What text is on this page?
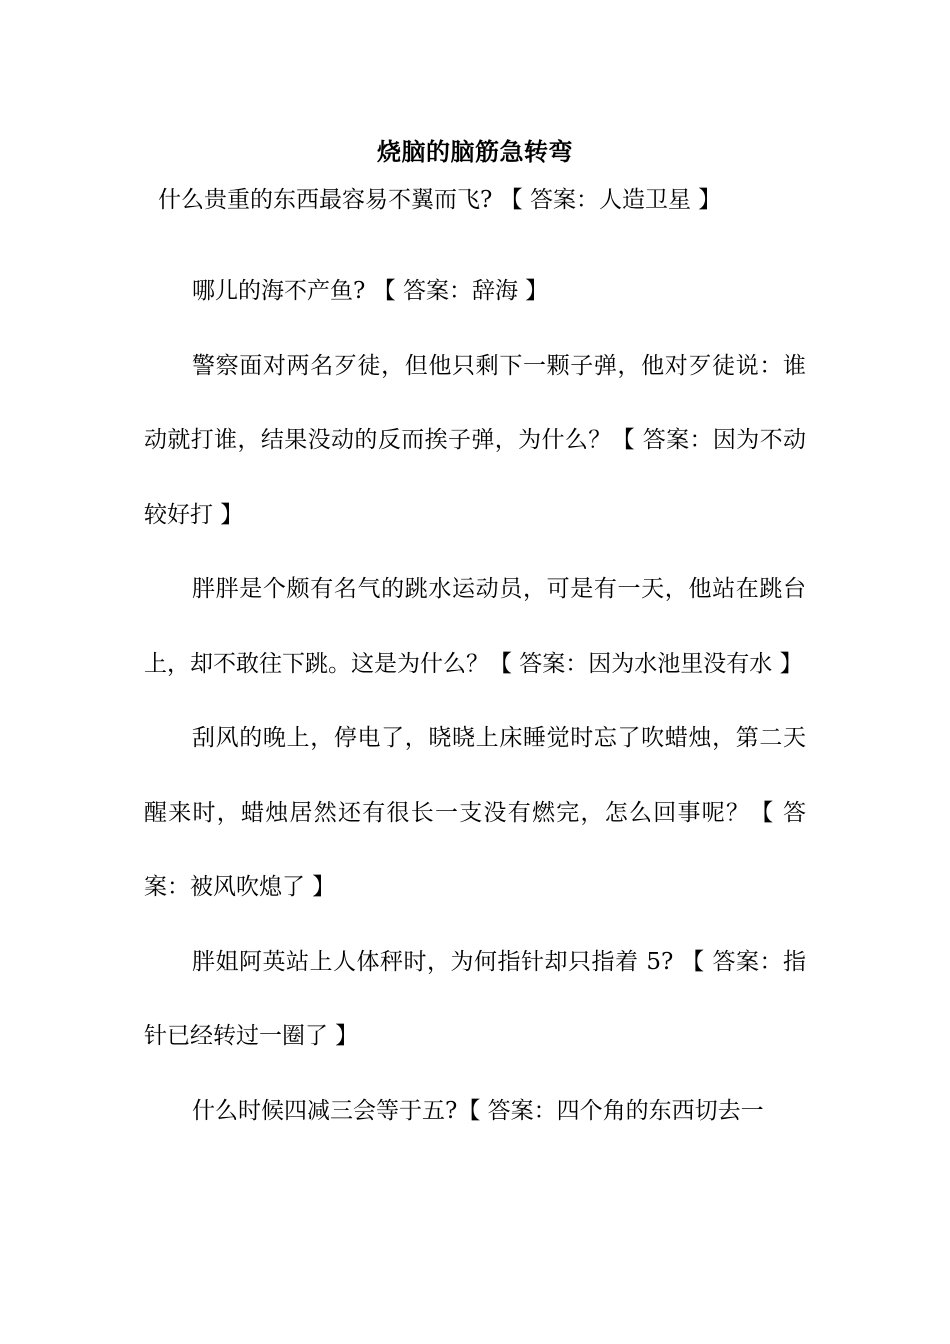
烧脑的脑筋急转弯
什么贵重的东西最容易不翼而飞? 【 答案：人造卫星 】

哪儿的海不产鱼? 【 答案：辞海 】

警察面对两名歹徒，但他只剩下一颗子弹，他对歹徒说：谁动就打谁，结果没动的反而挨子弹，为什么？【 答案：因为不动较好打 】

胖胖是个颇有名气的跳水运动员，可是有一天，他站在跳台上，却不敢往下跳。这是为什么？【 答案：因为水池里没有水 】

刮风的晚上，停电了，晓晓上床睡觉时忘了吹蜡烛，第二天醒来时，蜡烛居然还有很长一支没有燃完，怎么回事呢？【 答案：被风吹熄了 】

胖姐阿英站上人体秤时，为何指针却只指着 5? 【 答案：指针已经转过一圈了 】

什么时候四减三会等于五?【 答案：四个角的东西切去一
